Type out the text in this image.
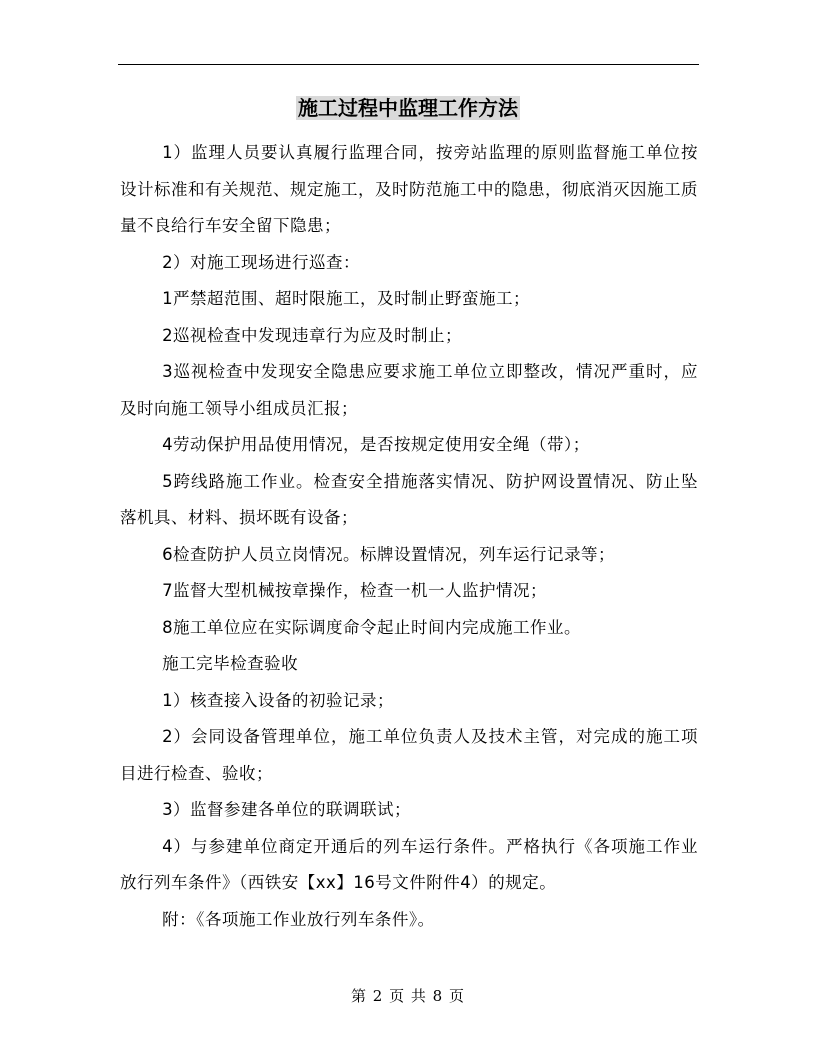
施工过程中监理工作方法

1）监理人员要认真履行监理合同，按旁站监理的原则监督施工单位按设计标准和有关规范、规定施工，及时防范施工中的隐患，彻底消灭因施工质量不良给行车安全留下隐患；

2）对施工现场进行巡查：

1严禁超范围、超时限施工，及时制止野蛮施工；

2巡视检查中发现违章行为应及时制止；

3巡视检查中发现安全隐患应要求施工单位立即整改，情况严重时，应及时向施工领导小组成员汇报；

4劳动保护用品使用情况，是否按规定使用安全绳（带）；

5跨线路施工作业。检查安全措施落实情况、防护网设置情况、防止坠落机具、材料、损坏既有设备；

6检查防护人员立岗情况。标牌设置情况，列车运行记录等；

7监督大型机械按章操作，检查一机一人监护情况；

8施工单位应在实际调度命令起止时间内完成施工作业。

施工完毕检查验收

1）核查接入设备的初验记录；

2）会同设备管理单位，施工单位负责人及技术主管，对完成的施工项目进行检查、验收；

3）监督参建各单位的联调联试；

4）与参建单位商定开通后的列车运行条件。严格执行《各项施工作业放行列车条件》（西铁安【xx】16号文件附件4）的规定。

附：《各项施工作业放行列车条件》。

第 2 页 共 8 页
